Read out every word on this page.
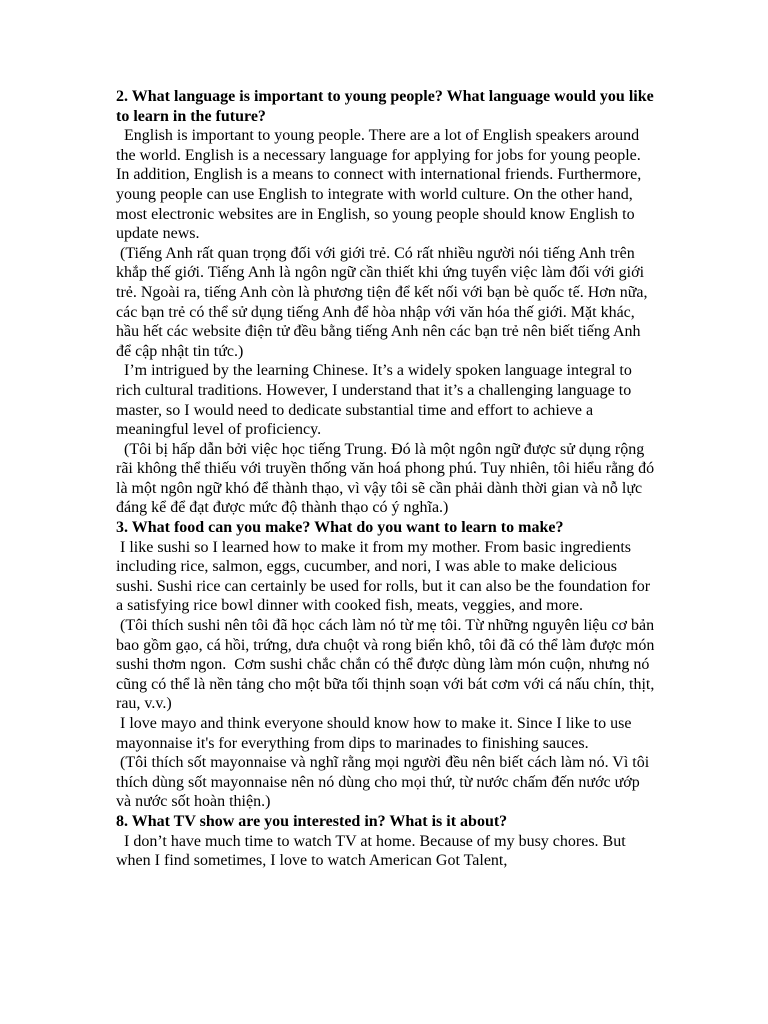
2. What language is important to young people? What language would you like to learn in the future?

English is important to young people. There are a lot of English speakers around the world. English is a necessary language for applying for jobs for young people. In addition, English is a means to connect with international friends. Furthermore, young people can use English to integrate with world culture. On the other hand, most electronic websites are in English, so young people should know English to update news.

(Tiếng Anh rất quan trọng đối với giới trẻ. Có rất nhiều người nói tiếng Anh trên khắp thế giới. Tiếng Anh là ngôn ngữ cần thiết khi ứng tuyển việc làm đối với giới trẻ. Ngoài ra, tiếng Anh còn là phương tiện để kết nối với bạn bè quốc tế. Hơn nữa, các bạn trẻ có thể sử dụng tiếng Anh để hòa nhập với văn hóa thế giới. Mặt khác, hầu hết các website điện tử đều bằng tiếng Anh nên các bạn trẻ nên biết tiếng Anh để cập nhật tin tức.)

I’m intrigued by the learning Chinese. It’s a widely spoken language integral to rich cultural traditions. However, I understand that it’s a challenging language to master, so I would need to dedicate substantial time and effort to achieve a meaningful level of proficiency.

(Tôi bị hấp dẫn bởi việc học tiếng Trung. Đó là một ngôn ngữ được sử dụng rộng rãi không thể thiếu với truyền thống văn hoá phong phú. Tuy nhiên, tôi hiểu rằng đó là một ngôn ngữ khó để thành thạo, vì vậy tôi sẽ cần phải dành thời gian và nỗ lực đáng kể để đạt được mức độ thành thạo có ý nghĩa.)

3. What food can you make? What do you want to learn to make?

I like sushi so I learned how to make it from my mother. From basic ingredients including rice, salmon, eggs, cucumber, and nori, I was able to make delicious sushi. Sushi rice can certainly be used for rolls, but it can also be the foundation for a satisfying rice bowl dinner with cooked fish, meats, veggies, and more.

(Tôi thích sushi nên tôi đã học cách làm nó từ mẹ tôi. Từ những nguyên liệu cơ bản bao gồm gạo, cá hồi, trứng, dưa chuột và rong biển khô, tôi đã có thể làm được món sushi thơm ngon.  Cơm sushi chắc chắn có thể được dùng làm món cuộn, nhưng nó cũng có thể là nền tảng cho một bữa tối thịnh soạn với bát cơm với cá nấu chín, thịt, rau, v.v.)

I love mayo and think everyone should know how to make it. Since I like to use mayonnaise it's for everything from dips to marinades to finishing sauces.

(Tôi thích sốt mayonnaise và nghĩ rằng mọi người đều nên biết cách làm nó. Vì tôi thích dùng sốt mayonnaise nên nó dùng cho mọi thứ, từ nước chấm đến nước ướp và nước sốt hoàn thiện.)

8. What TV show are you interested in? What is it about?

I don’t have much time to watch TV at home. Because of my busy chores. But when I find sometimes, I love to watch American Got Talent,
